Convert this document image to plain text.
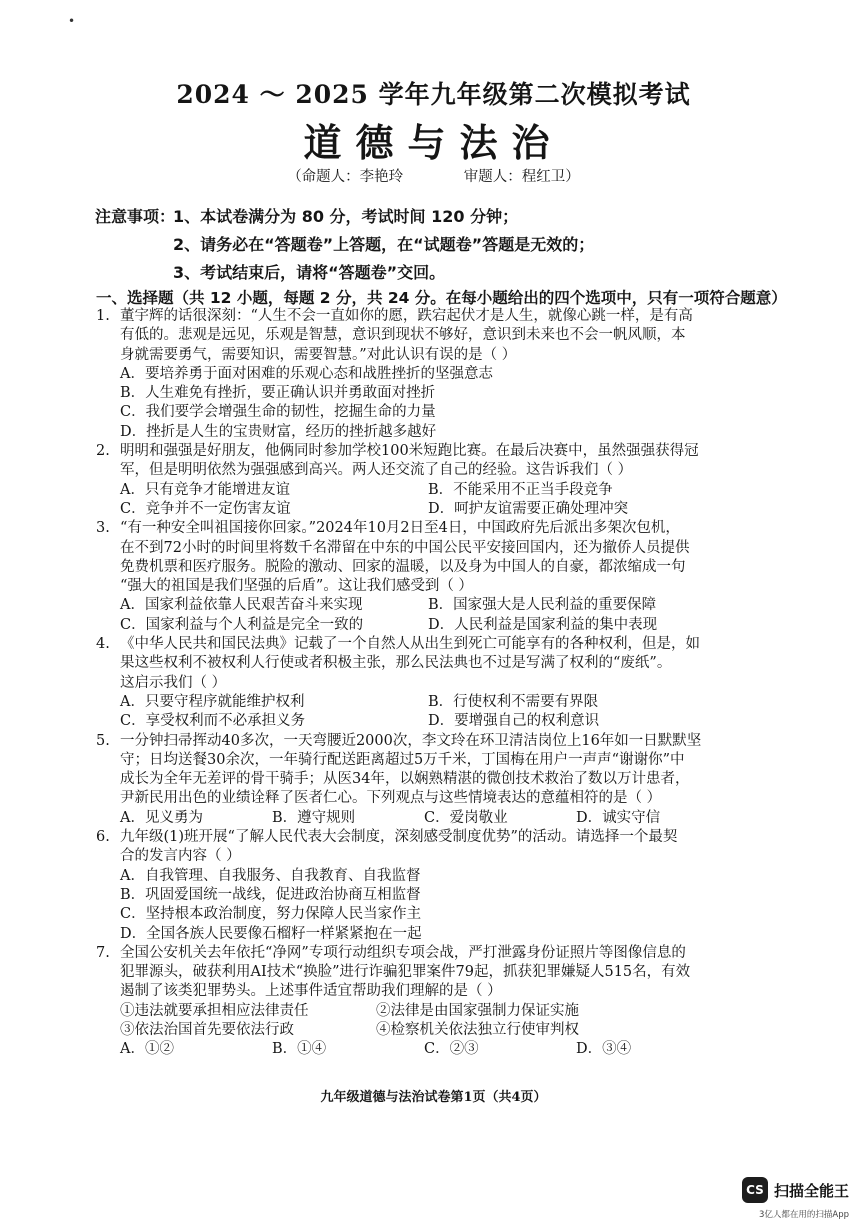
•
2024 ～ 2025 学年九年级第二次模拟考试
道德与法治
（命题人：李艳玲	审题人：程红卫）
注意事项：1、本试卷满分为 80 分，考试时间 120 分钟；
2、请务必在“答题卷”上答题，在“试题卷”答题是无效的；
3、考试结束后，请将“答题卷”交回。
一、选择题（共 12 小题，每题 2 分，共 24 分。在每小题给出的四个选项中，只有一项符合题意）
1. 董宇辉的话很深刻：“人生不会一直如你的愿，跌宕起伏才是人生，就像心跳一样，是有高
有低的。悲观是远见，乐观是智慧，意识到现状不够好，意识到未来也不会一帆风顺，本
身就需要勇气，需要知识，需要智慧。”对此认识有误的是（ ）
A．要培养勇于面对困难的乐观心态和战胜挫折的坚强意志
B．人生难免有挫折，要正确认识并勇敢面对挫折
C．我们要学会增强生命的韧性，挖掘生命的力量
D．挫折是人生的宝贵财富，经历的挫折越多越好
2. 明明和强强是好朋友，他俩同时参加学校100米短跑比赛。在最后决赛中，虽然强强获得冠
军，但是明明依然为强强感到高兴。两人还交流了自己的经验。这告诉我们（ ）
A．只有竞争才能增进友谊	B．不能采用不正当手段竞争
C．竞争并不一定伤害友谊	D．呵护友谊需要正确处理冲突
3. “有一种安全叫祖国接你回家。”2024年10月2日至4日，中国政府先后派出多架次包机，
在不到72小时的时间里将数千名滞留在中东的中国公民平安接回国内，还为撤侨人员提供
免费机票和医疗服务。脱险的激动、回家的温暖，以及身为中国人的自豪，都浓缩成一句
“强大的祖国是我们坚强的后盾”。这让我们感受到（ ）
A．国家利益依靠人民艰苦奋斗来实现	B．国家强大是人民利益的重要保障
C．国家利益与个人利益是完全一致的	D．人民利益是国家利益的集中表现
4. 《中华人民共和国民法典》记载了一个自然人从出生到死亡可能享有的各种权利，但是，如
果这些权利不被权利人行使或者积极主张，那么民法典也不过是写满了权利的“废纸”。
这启示我们（ ）
A．只要守程序就能维护权利	B．行使权利不需要有界限
C．享受权利而不必承担义务	D．要增强自己的权利意识
5. 一分钟扫帚挥动40多次，一天弯腰近2000次，李文玲在环卫清洁岗位上16年如一日默默坚
守；日均送餐30余次，一年骑行配送距离超过5万千米，丁国梅在用户一声声“谢谢你”中
成长为全年无差评的骨干骑手；从医34年，以娴熟精湛的微创技术救治了数以万计患者，
尹新民用出色的业绩诠释了医者仁心。下列观点与这些情境表达的意蕴相符的是（ ）
A．见义勇为	B．遵守规则	C．爱岗敬业	D．诚实守信
6. 九年级(1)班开展“了解人民代表大会制度，深刻感受制度优势”的活动。请选择一个最契
合的发言内容（ ）
A．自我管理、自我服务、自我教育、自我监督
B．巩固爱国统一战线，促进政治协商互相监督
C．坚持根本政治制度，努力保障人民当家作主
D．全国各族人民要像石榴籽一样紧紧抱在一起
7. 全国公安机关去年依托“净网”专项行动组织专项会战，严打泄露身份证照片等图像信息的
犯罪源头，破获利用AI技术“换脸”进行诈骗犯罪案件79起，抓获犯罪嫌疑人515名，有效
遏制了该类犯罪势头。上述事件适宜帮助我们理解的是（ ）
①违法就要承担相应法律责任	②法律是由国家强制力保证实施
③依法治国首先要依法行政	④检察机关依法独立行使审判权
A．①②	B．①④	C．②③	D．③④
九年级道德与法治试卷第1页（共4页）
CS 扫描全能王
3亿人都在用的扫描App
